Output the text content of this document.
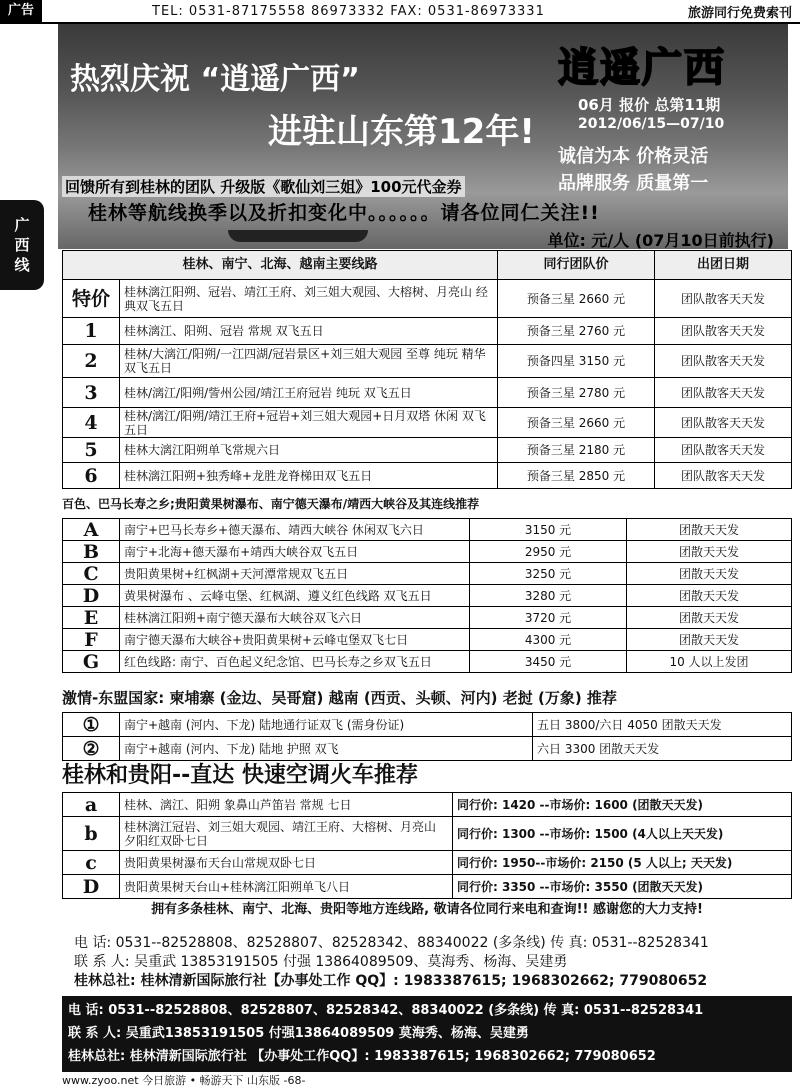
广告	TEL: 0531-87175558 86973332 FAX: 0531-86973331	旅游同行免费索刊
广
西
线
热烈庆祝 “逍遥广西”
进驻山东第12年!
逍遥广西
06月 报价 总第11期
2012/06/15—07/10
诚信为本 价格灵活
品牌服务 质量第一
回馈所有到桂林的团队 升级版《歌仙刘三姐》100元代金券
桂林等航线换季以及折扣变化中。。。。。。请各位同仁关注!!
单位: 元/人 (07月10日前执行)
桂林、南宁、北海、越南主要线路		同行团队价	出团日期
特价	桂林漓江阳朔、冠岩、靖江王府、刘三姐大观园、大榕树、月亮山 经典双飞五日	预备三星 2660 元	团队散客天天发
1	桂林漓江、阳朔、冠岩 常规 双飞五日	预备三星 2760 元	团队散客天天发
2	桂林/大漓江/阳朔/一江四湖/冠岩景区+刘三姐大观园 至尊 纯玩 精华双飞五日	预备四星 3150 元	团队散客天天发
3	桂林/漓江/阳朔/訾州公园/靖江王府冠岩 纯玩 双飞五日	预备三星 2780 元	团队散客天天发
4	桂林/漓江/阳朔/靖江王府+冠岩+刘三姐大观园+日月双塔 休闲 双飞五日	预备三星 2660 元	团队散客天天发
5	桂林大漓江阳朔单飞常规六日	预备三星 2180 元	团队散客天天发
6	桂林漓江阳朔+独秀峰+龙胜龙脊梯田双飞五日	预备三星 2850 元	团队散客天天发
百色、巴马长寿之乡;贵阳黄果树瀑布、南宁德天瀑布/靖西大峡谷及其连线推荐
A	南宁+巴马长寿乡+德天瀑布、靖西大峡谷 休闲双飞六日	3150 元	团散天天发
B	南宁+北海+德天瀑布+靖西大峡谷双飞五日	2950 元	团散天天发
C	贵阳黄果树+红枫湖+天河潭常规双飞五日	3250 元	团散天天发
D	黄果树瀑布 、云峰屯堡、红枫湖、遵义红色线路 双飞五日	3280 元	团散天天发
E	桂林漓江阳朔+南宁德天瀑布大峡谷双飞六日	3720 元	团散天天发
F	南宁德天瀑布大峡谷+贵阳黄果树+云峰屯堡双飞七日	4300 元	团散天天发
G	红色线路: 南宁、百色起义纪念馆、巴马长寿之乡双飞五日	3450 元	10 人以上发团
激情-东盟国家: 柬埔寨 (金边、吴哥窟) 越南 (西贡、头顿、河内) 老挝 (万象) 推荐
①	南宁+越南 (河内、下龙) 陆地通行证双飞 (需身份证)	五日 3800/六日 4050 团散天天发
②	南宁+越南 (河内、下龙) 陆地 护照 双飞	六日 3300 团散天天发
桂林和贵阳--直达 快速空调火车推荐
a	桂林、漓江、阳朔 象鼻山芦笛岩 常规 七日	同行价: 1420 --市场价: 1600 (团散天天发)
b	桂林漓江冠岩、刘三姐大观园、靖江王府、大榕树、月亮山 夕阳红双卧七日	同行价: 1300 --市场价: 1500 (4人以上天天发)
c	贵阳黄果树瀑布天台山常规双卧七日	同行价: 1950--市场价: 2150 (5 人以上; 天天发)
D	贵阳黄果树天台山+桂林漓江阳朔单飞八日	同行价: 3350 --市场价: 3550 (团散天天发)
拥有多条桂林、南宁、北海、贵阳等地方连线路, 敬请各位同行来电和查询!! 感谢您的大力支持!
电 话: 0531--82528808、82528807、82528342、88340022 (多条线) 传 真: 0531--82528341
联 系 人: 吴重武 13853191505 付强 13864089509、莫海秀、杨海、吴建勇
桂林总社: 桂林清新国际旅行社【办事处工作 QQ】: 1983387615; 1968302662; 779080652
电 话: 0531--82528808、82528807、82528342、88340022 (多条线) 传 真: 0531--82528341
联 系 人: 吴重武13853191505 付强13864089509 莫海秀、杨海、吴建勇
桂林总社: 桂林清新国际旅行社 【办事处工作QQ】: 1983387615; 1968302662; 779080652
www.zyoo.net 今日旅游 • 畅游天下 山东版 -68-
